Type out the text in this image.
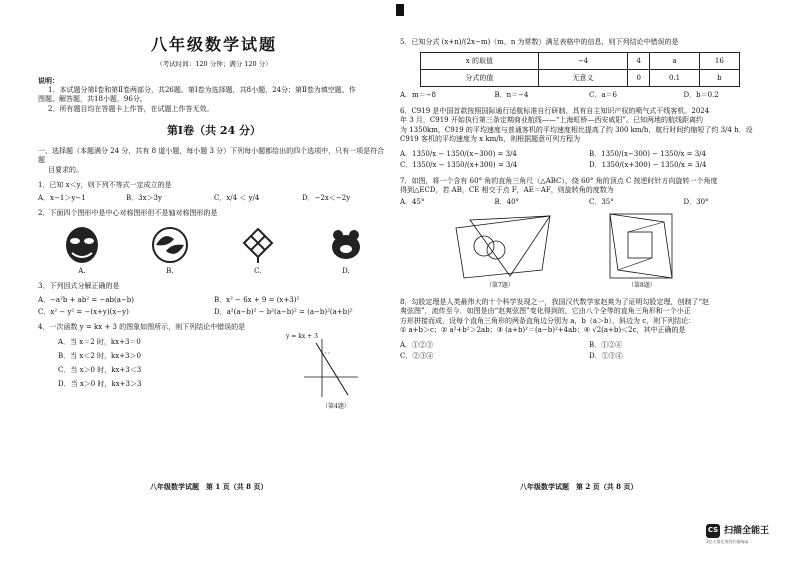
八年级数学试题
（考试时间：120 分钟；满分 120 分）
说明：
1．本试题分第Ⅰ卷和第Ⅱ卷两部分，共26题。第Ⅰ卷为选择题，共8小题，24分；第Ⅱ卷为填空题、作
图题、解答题，共18小题，96分。
2．所有题目均在答题卡上作答，在试题上作答无效。
第Ⅰ卷（共 24 分）
一、选择题（本题满分 24 分，共有 8 道小题，每小题 3 分）下列每小题都给出的四个选项中，只有一项是符合题
目要求的。
1．已知 x＜y，则下列不等式一定成立的是
A．x−1＞y−1	B．3x＞3y	C．x/4 ＜ y/4	D．−2x＜−2y
2．下面四个图形中是中心对称图形但不是轴对称图形的是
A.	B.	C.	D.
3．下列因式分解正确的是
A．−a²b + ab² = −ab(a−b)	B．x² − 6x + 9 = (x+3)²
C．x² − y² = −(x+y)(x−y)	D．a²(a−b)² − b²(a−b)² = (a−b)²(a+b)²
4．一次函数 y = kx + 3 的图象如图所示，则下列结论中错误的是
A．当 x＝2 时，kx+3＝0
B．当 x＜2 时，kx+3＞0
C．当 x＞0 时，kx+3＜3
D．当 x＞0 时，kx+3＞3
y = kx + 3
（第4题）
八年级数学试题　第 1 页（共 8 页）
5．已知分式 (x+n)/(2x−m)（m，n 为常数）满足表格中的信息，则下列结论中错误的是
x 的取值	−4	4	a	16
分式的值	无意义	0	0.1	b
A．m＝−8	B．n＝−4	C．a＝6	D．b＝0.2
6．C919 是中国首款按照国际通行适航标准自行研制、具有自主知识产权的喷气式干线客机。2024
年 3 月，C919 开始执行第三条定期商业航线——“上海虹桥—西安咸阳”。已知两地的航线距离约
为 1350km，C919 的平均速度与普通客机的平均速度相比提高了约 300 km/h，航行时间约缩短了约 3/4 h．设
C919 客机的平均速度为 x km/h，则根据题意可列方程为
A．1350/x − 1350/(x−300) = 3/4	B．1350/(x−300) − 1350/x = 3/4
C．1350/x − 1350/(x+300) = 3/4	D．1350/(x+300) − 1350/x = 3/4
7．如图，将一个含有 60° 角的直角三角尺（△ABC），绕 60° 角的顶点 C 按逆时针方向旋转一个角度
得到△ECD，若 AB，CE 相交于点 F，AE＝AF，则旋转角的度数为
A．45°	B．40°	C．35°	D．30°
（第7题）	（第8题）
8．勾股定理是人类最伟大的十个科学发现之一，我国汉代数学家赵爽为了证明勾股定理，创制了“赵
爽弦图”，流传至今．如图是由“赵爽弦图”变化得到的，它由八个全等的直角三角形和一个小正
方形拼接而成，设每个直角三角形的两条直角边分别为 a，b（a＞b），斜边为 c，则下列结论：
① a+b＞c；② a²+b²＞2ab；③ (a+b)²＝(a−b)²+4ab；④ √2(a+b)＜2c，其中正确的是
A．①②③	B．①②④
C．②③④	D．①③④
八年级数学试题　第 2 页（共 8 页）
CS 扫描全能王
3亿人都在用的扫描App
